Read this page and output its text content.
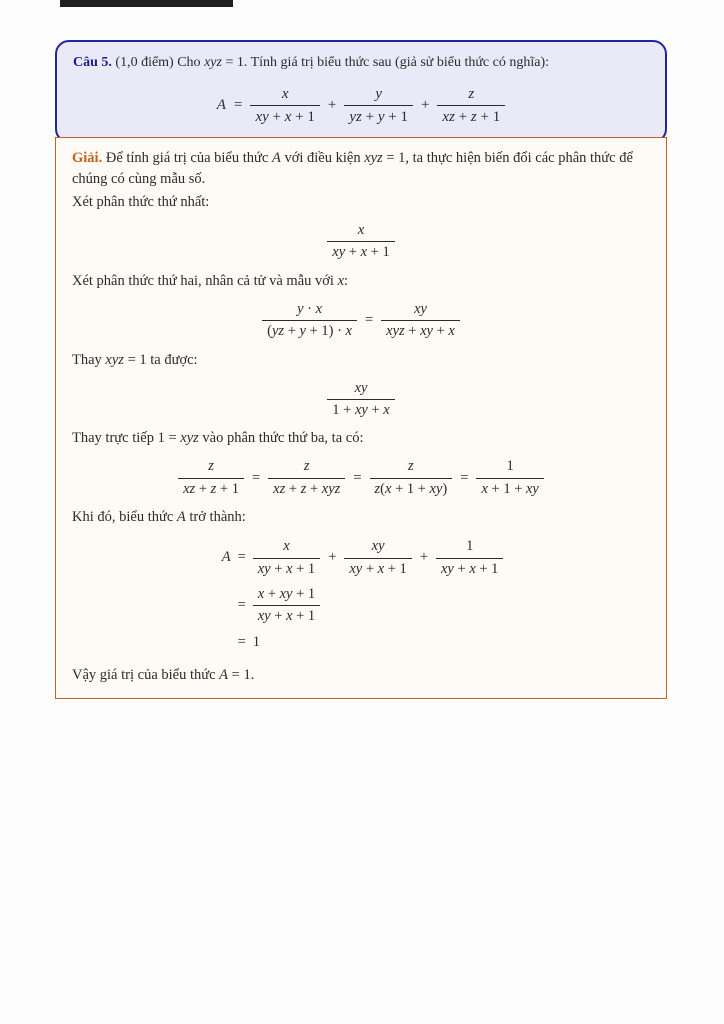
Câu 5. (1,0 điểm) Cho xyz = 1. Tính giá trị biểu thức sau (giả sử biểu thức có nghĩa):
$A = \frac{x}{xy + x + 1} + \frac{y}{yz + y + 1} + \frac{z}{xz + z + 1}$

Giải. Để tính giá trị của biểu thức A với điều kiện xyz = 1, ta thực hiện biến đổi các phân thức để chúng có cùng mẫu số.

Xét phân thức thứ nhất:

$\frac{x}{xy + x + 1}$

Xét phân thức thứ hai, nhân cả tử và mẫu với x:

$\frac{y \cdot x}{(yz + y + 1) \cdot x} = \frac{xy}{\text{xyz + xy + x}}$

Thay xyz = 1 ta được:

$\frac{xy}{1 + xy + x}$

Thay trực tiếp 1 = xyz vào phân thức thứ ba, ta có:

$\frac{z}{xz + z + 1} = \frac{z}{\text{xz + z + xyz}} = \frac{z}{z(x + 1 + xy)} = \frac{1}{x + 1 + xy}$

Khi đó, biểu thức A trở thành:

$A = \frac{x}{xy + x + 1} + \frac{xy}{xy + x + 1} + \frac{1}{xy + x + 1}$
= $\frac{x + xy + 1}{xy + x + 1}$
= 1

Vậy giá trị của biểu thức A = 1.
